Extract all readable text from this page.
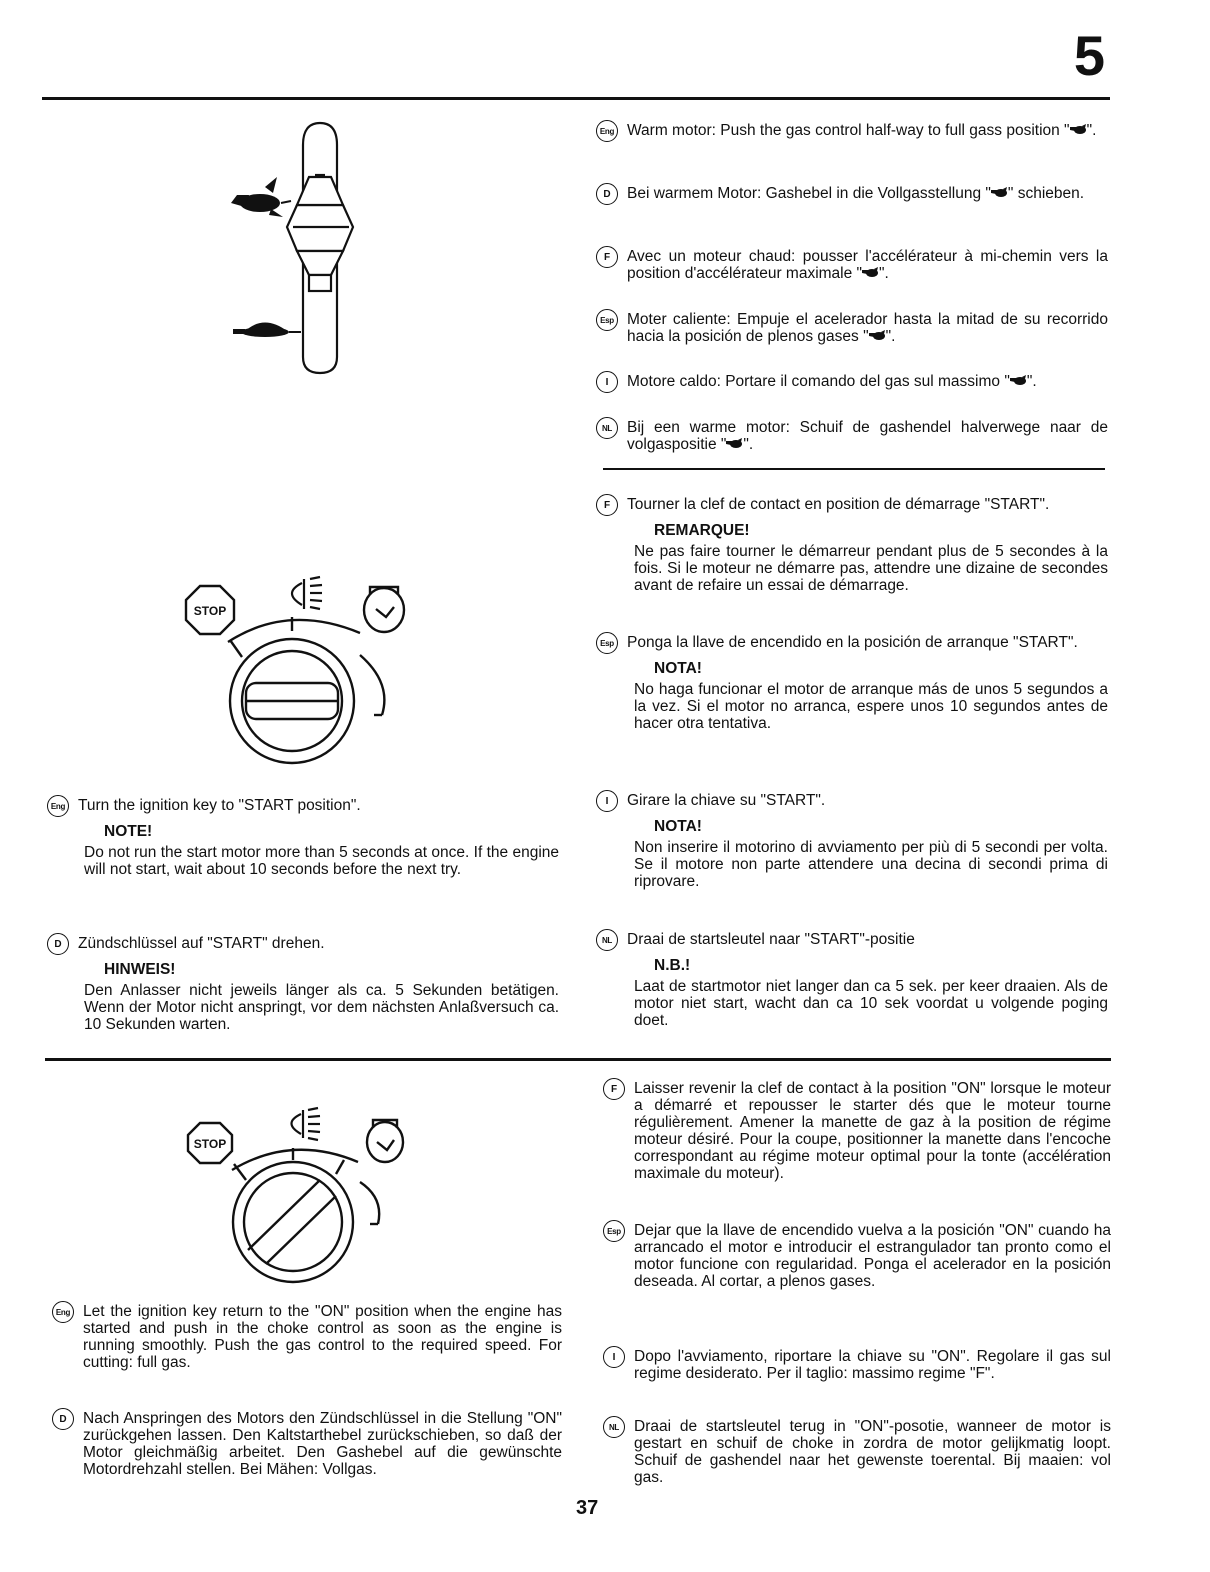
5
STOP
STOP
Eng Warm motor: Push the gas control half-way to full gass position " ".
D	Bei warmem Motor: Gashebel in die Vollgasstellung " " schieben.
F	Avec un moteur chaud: pousser l'accélérateur à mi-chemin vers la position d'accélérateur maximale " ".
Esp Moter caliente: Empuje el acelerador hasta la mitad de su recorrido hacia la posición de plenos gases " ".
I	Motore caldo: Portare il comando del gas sul massimo " ".
NL Bij een warme motor: Schuif de gashendel halverwege naar de volgaspositie " ".
F	Tourner la clef de contact en position de démarrage "START".
REMARQUE!
Ne pas faire tourner le démarreur pendant plus de 5 secondes à la fois. Si le moteur ne démarre pas, attendre une dizaine de secondes avant de refaire un essai de démarrage.
Esp Ponga la llave de encendido en la posición de arranque "START".
NOTA!
No haga funcionar el motor de arranque más de unos 5 segundos a la vez. Si el motor no arranca, espere unos 10 segundos antes de hacer otra tentativa.
I	Girare la chiave su "START".
NOTA!
Non inserire il motorino di avviamento per più di 5 secondi per volta. Se il motore non parte attendere una decina di secondi prima di riprovare.
NL Draai de startsleutel naar "START"-positie
N.B.!
Laat de startmotor niet langer dan ca 5 sek. per keer draaien. Als de motor niet start, wacht dan ca 10 sek voordat u volgende poging doet.
Eng Turn the ignition key to "START position".
NOTE!
Do not run the start motor more than 5 seconds at once. If the engine will not start, wait about 10 seconds before the next try.
D	Zündschlüssel auf "START" drehen.
HINWEIS!
Den Anlasser nicht jeweils länger als ca. 5 Sekunden betätigen. Wenn der Motor nicht anspringt, vor dem nächsten Anlaßversuch ca. 10 Sekunden warten.
Eng Let the ignition key return to the "ON" position when the engine has started and push in the choke control as soon as the engine is running smoothly. Push the gas control to the required speed. For cutting: full gas.
D	Nach Anspringen des Motors den Zündschlüssel in die Stellung "ON" zurückgehen lassen. Den Kaltstarthebel zurückschieben, so daß der Motor gleichmäßig arbeitet. Den Gashebel auf die gewünschte Motordrehzahl stellen. Bei Mähen: Vollgas.
F	Laisser revenir la clef de contact à la position "ON" lorsque le moteur a démarré et repousser le starter dés que le moteur tourne régulièrement. Amener la manette de gaz à la position de régime moteur désiré. Pour la coupe, positionner la manette dans l'encoche correspondant au régime moteur optimal pour la tonte (accélération maximale du moteur).
Esp Dejar que la llave de encendido vuelva a la posición "ON" cuando ha arrancado el motor e introducir el estrangulador tan pronto como el motor funcione con regularidad. Ponga el acelerador en la posición deseada. Al cortar, a plenos gases.
I	Dopo l'avviamento, riportare la chiave su "ON". Regolare il gas sul regime desiderato. Per il taglio: massimo regime "F".
NL Draai de startsleutel terug in "ON"-posotie, wanneer de motor is gestart en schuif de choke in zordra de motor gelijkmatig loopt. Schuif de gashendel naar het gewenste toerental. Bij maaien: vol gas.
37
